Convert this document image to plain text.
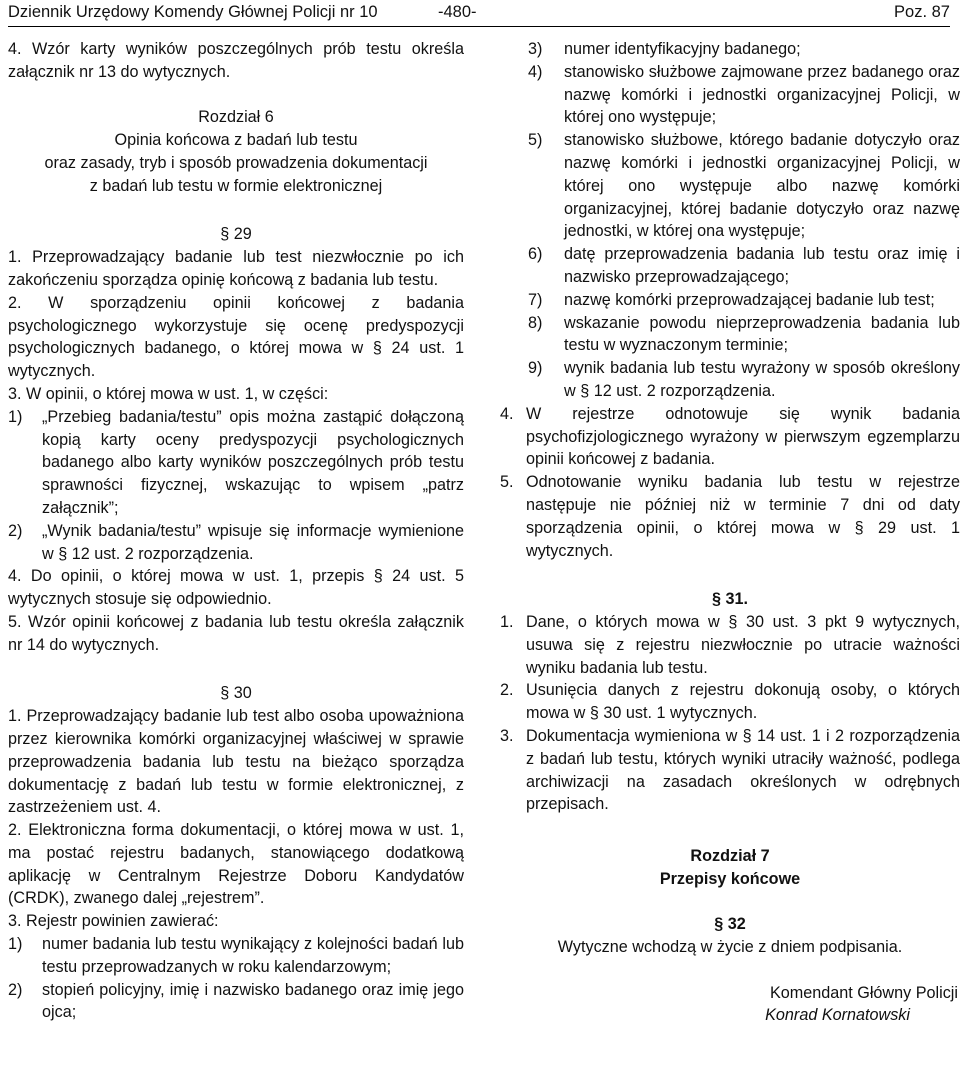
Dziennik Urzędowy Komendy Głównej Policji nr 10	-480-	Poz. 87

4. Wzór karty wyników poszczególnych prób testu określa załącznik nr 13 do wytycznych.

Rozdział 6

Opinia końcowa z badań lub testu

oraz zasady, tryb i sposób prowadzenia dokumentacji

z badań lub testu w formie elektronicznej

§ 29

1. Przeprowadzający badanie lub test niezwłocznie po ich zakończeniu sporządza opinię końcową z badania lub testu.

2. W sporządzeniu opinii końcowej z badania psychologicznego wykorzystuje się ocenę predyspozycji psychologicznych badanego, o której mowa w § 24 ust. 1 wytycznych.

3. W opinii, o której mowa w ust. 1, w części:

1)	„Przebieg badania/testu” opis można zastąpić dołączoną kopią karty oceny predyspozycji psychologicznych badanego albo karty wyników poszczególnych prób testu sprawności fizycznej, wskazując to wpisem „patrz załącznik”;
2)	„Wynik badania/testu” wpisuje się informacje wymienione w § 12 ust. 2 rozporządzenia.

4. Do opinii, o której mowa w ust. 1, przepis § 24 ust. 5 wytycznych stosuje się odpowiednio.

5. Wzór opinii końcowej z badania lub testu określa załącznik nr 14 do wytycznych.

§ 30

1. Przeprowadzający badanie lub test albo osoba upoważniona przez kierownika komórki organizacyjnej właściwej w sprawie przeprowadzenia badania lub testu na bieżąco sporządza dokumentację z badań lub testu w formie elektronicznej, z zastrzeżeniem ust. 4.

2. Elektroniczna forma dokumentacji, o której mowa w ust. 1, ma postać rejestru badanych, stanowiącego dodatkową aplikację w Centralnym Rejestrze Doboru Kandydatów (CRDK), zwanego dalej „rejestrem”.

3. Rejestr powinien zawierać:

1)	numer badania lub testu wynikający z kolejności badań lub testu przeprowadzanych w roku kalendarzowym;
2)	stopień policyjny, imię i nazwisko badanego oraz imię jego ojca;
3)	numer identyfikacyjny badanego;
4)	stanowisko służbowe zajmowane przez badanego oraz nazwę komórki i jednostki organizacyjnej Policji, w której ono występuje;
5)	stanowisko służbowe, którego badanie dotyczyło oraz nazwę komórki i jednostki organizacyjnej Policji, w której ono występuje albo nazwę komórki organizacyjnej, której badanie dotyczyło oraz nazwę jednostki, w której ona występuje;
6)	datę przeprowadzenia badania lub testu oraz imię i nazwisko przeprowadzającego;
7)	nazwę komórki przeprowadzającej badanie lub test;
8)	wskazanie powodu nieprzeprowadzenia badania lub testu w wyznaczonym terminie;
9)	wynik badania lub testu wyrażony w sposób określony w § 12 ust. 2 rozporządzenia.
4. W rejestrze odnotowuje się wynik badania psychofizjologicznego wyrażony w pierwszym egzemplarzu opinii końcowej z badania.
5. Odnotowanie wyniku badania lub testu w rejestrze następuje nie później niż w terminie 7 dni od daty sporządzenia opinii, o której mowa w § 29 ust. 1 wytycznych.

§ 31.

1. Dane, o których mowa w § 30 ust. 3 pkt 9 wytycznych, usuwa się z rejestru niezwłocznie po utracie ważności wyniku badania lub testu.
2. Usunięcia danych z rejestru dokonują osoby, o których mowa w § 30 ust. 1 wytycznych.
3. Dokumentacja wymieniona w § 14 ust. 1 i 2 rozporządzenia z badań lub testu, których wyniki utraciły ważność, podlega archiwizacji na zasadach określonych w odrębnych przepisach.

Rozdział 7

Przepisy końcowe

§ 32

Wytyczne wchodzą w życie z dniem podpisania.

Komendant Główny Policji

Konrad Kornatowski
